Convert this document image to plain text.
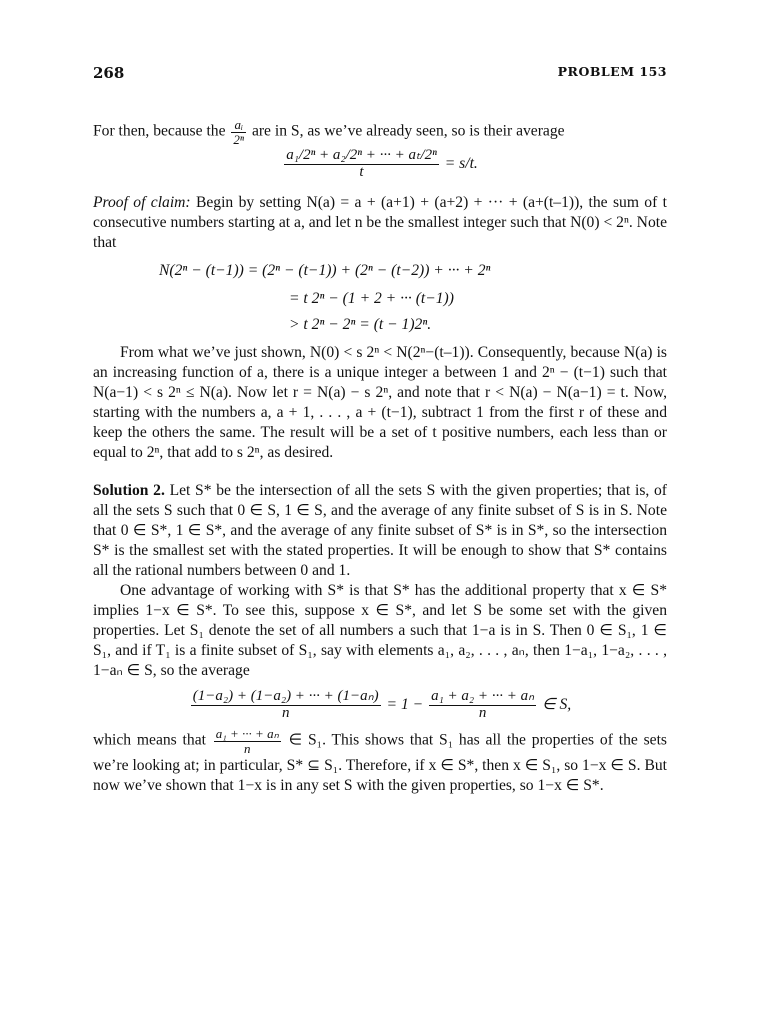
268	PROBLEM 153

For then, because the $\frac{\text{aᵢ}}{\text{2ⁿ}}$ are in S, as we’ve already seen, so is their average

$\frac{\text{a₁/2ⁿ + a₂/2ⁿ + ··· + aₜ/2ⁿ}}{t} = s/t$.

Proof of claim: Begin by setting N(a) = a + (a+1) + (a+2) + ··· + (a+(t–1)), the sum of t consecutive numbers starting at a, and let n be the smallest integer such that N(0) < 2ⁿ. Note that

N(2ⁿ − (t−1)) = (2ⁿ − (t−1)) + (2ⁿ − (t−2)) + ··· + 2ⁿ
= t 2ⁿ − (1 + 2 + ··· (t−1))
> t 2ⁿ − 2ⁿ = (t − 1)2ⁿ.

From what we’ve just shown, N(0) < s 2ⁿ < N(2ⁿ−(t–1)). Consequently, because N(a) is an increasing function of a, there is a unique integer a between 1 and 2ⁿ − (t−1) such that N(a−1) < s 2ⁿ ≤ N(a). Now let r = N(a) − s 2ⁿ, and note that r < N(a) − N(a−1) = t. Now, starting with the numbers a, a + 1, . . . , a + (t−1), subtract 1 from the first r of these and keep the others the same. The result will be a set of t positive numbers, each less than or equal to 2ⁿ, that add to s 2ⁿ, as desired.

Solution 2. Let S* be the intersection of all the sets S with the given properties; that is, of all the sets S such that 0 ∈ S, 1 ∈ S, and the average of any finite subset of S is in S. Note that 0 ∈ S*, 1 ∈ S*, and the average of any finite subset of S* is in S*, so the intersection S* is the smallest set with the stated properties. It will be enough to show that S* contains all the rational numbers between 0 and 1.

One advantage of working with S* is that S* has the additional property that x ∈ S* implies 1−x ∈ S*. To see this, suppose x ∈ S*, and let S be some set with the given properties. Let S₁ denote the set of all numbers a such that 1−a is in S. Then 0 ∈ S₁, 1 ∈ S₁, and if T₁ is a finite subset of S₁, say with elements a₁, a₂, . . . , aₙ, then 1−a₁, 1−a₂, . . . , 1−aₙ ∈ S, so the average

$\frac{\text{(1−a₂) + (1−a₂) + ··· + (1−aₙ)}}{n} = 1 - \frac{\text{a₁ + a₂ + ··· + aₙ}}{n}$ ∈ S,

which means that $\frac{\text{a₁ + ··· + aₙ}}{n}$ ∈ S₁. This shows that S₁ has all the properties of the sets we’re looking at; in particular, S* ⊆ S₁. Therefore, if x ∈ S*, then x ∈ S₁, so 1−x ∈ S. But now we’ve shown that 1−x is in any set S with the given properties, so 1−x ∈ S*.
